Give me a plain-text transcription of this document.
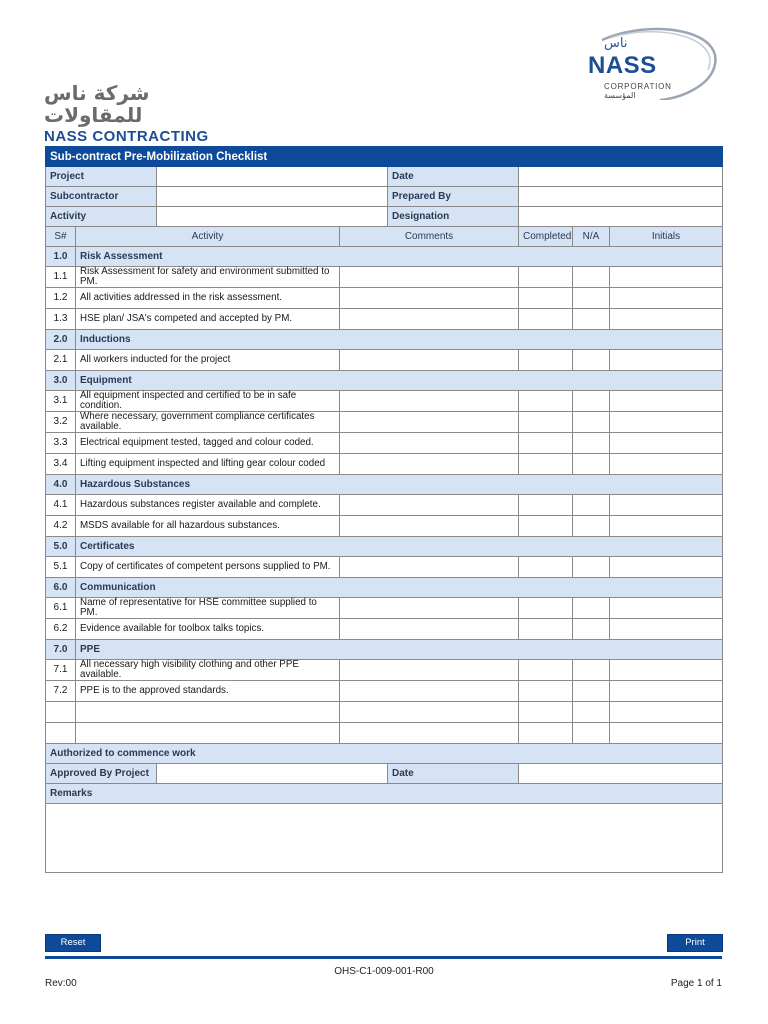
شركة ناس للمقاولات
NASS CONTRACTING
ناس
NASS
CORPORATION
المؤسسة
Sub-contract Pre-Mobilization Checklist							
Project				Date			
Subcontractor				Prepared By			
Activity				Designation			
S#	Activity		Comments		Completed	N/A	Initials
1.0	Risk Assessment						
1.1	Risk Assessment for safety and environment submitted to PM.						
1.2	All activities addressed in the risk assessment.						
1.3	HSE plan/ JSA's competed and accepted by PM.						
2.0	Inductions						
2.1	All workers inducted for the project						
3.0	Equipment						
3.1	All equipment inspected and certified to be in safe condition.						
3.2	Where necessary, government compliance certificates available.						
3.3	Electrical equipment tested, tagged and colour coded.						
3.4	Lifting equipment inspected and lifting gear colour coded						
4.0	Hazardous Substances						
4.1	Hazardous substances register available and complete.						
4.2	MSDS available for all hazardous substances.						
5.0	Certificates						
5.1	Copy of certificates of competent persons supplied to PM.						
6.0	Communication						
6.1	Name of representative for HSE committee supplied to PM.						
6.2	Evidence available for toolbox talks topics.						
7.0	PPE						
7.1	All necessary high visibility clothing and other PPE available.						
7.2	PPE is to the approved standards.						

Authorized to commence work							
Approved By Project				Date			
Remarks							

Reset	Print
OHS-C1-009-001-R00
Rev:00	Page 1 of 1
